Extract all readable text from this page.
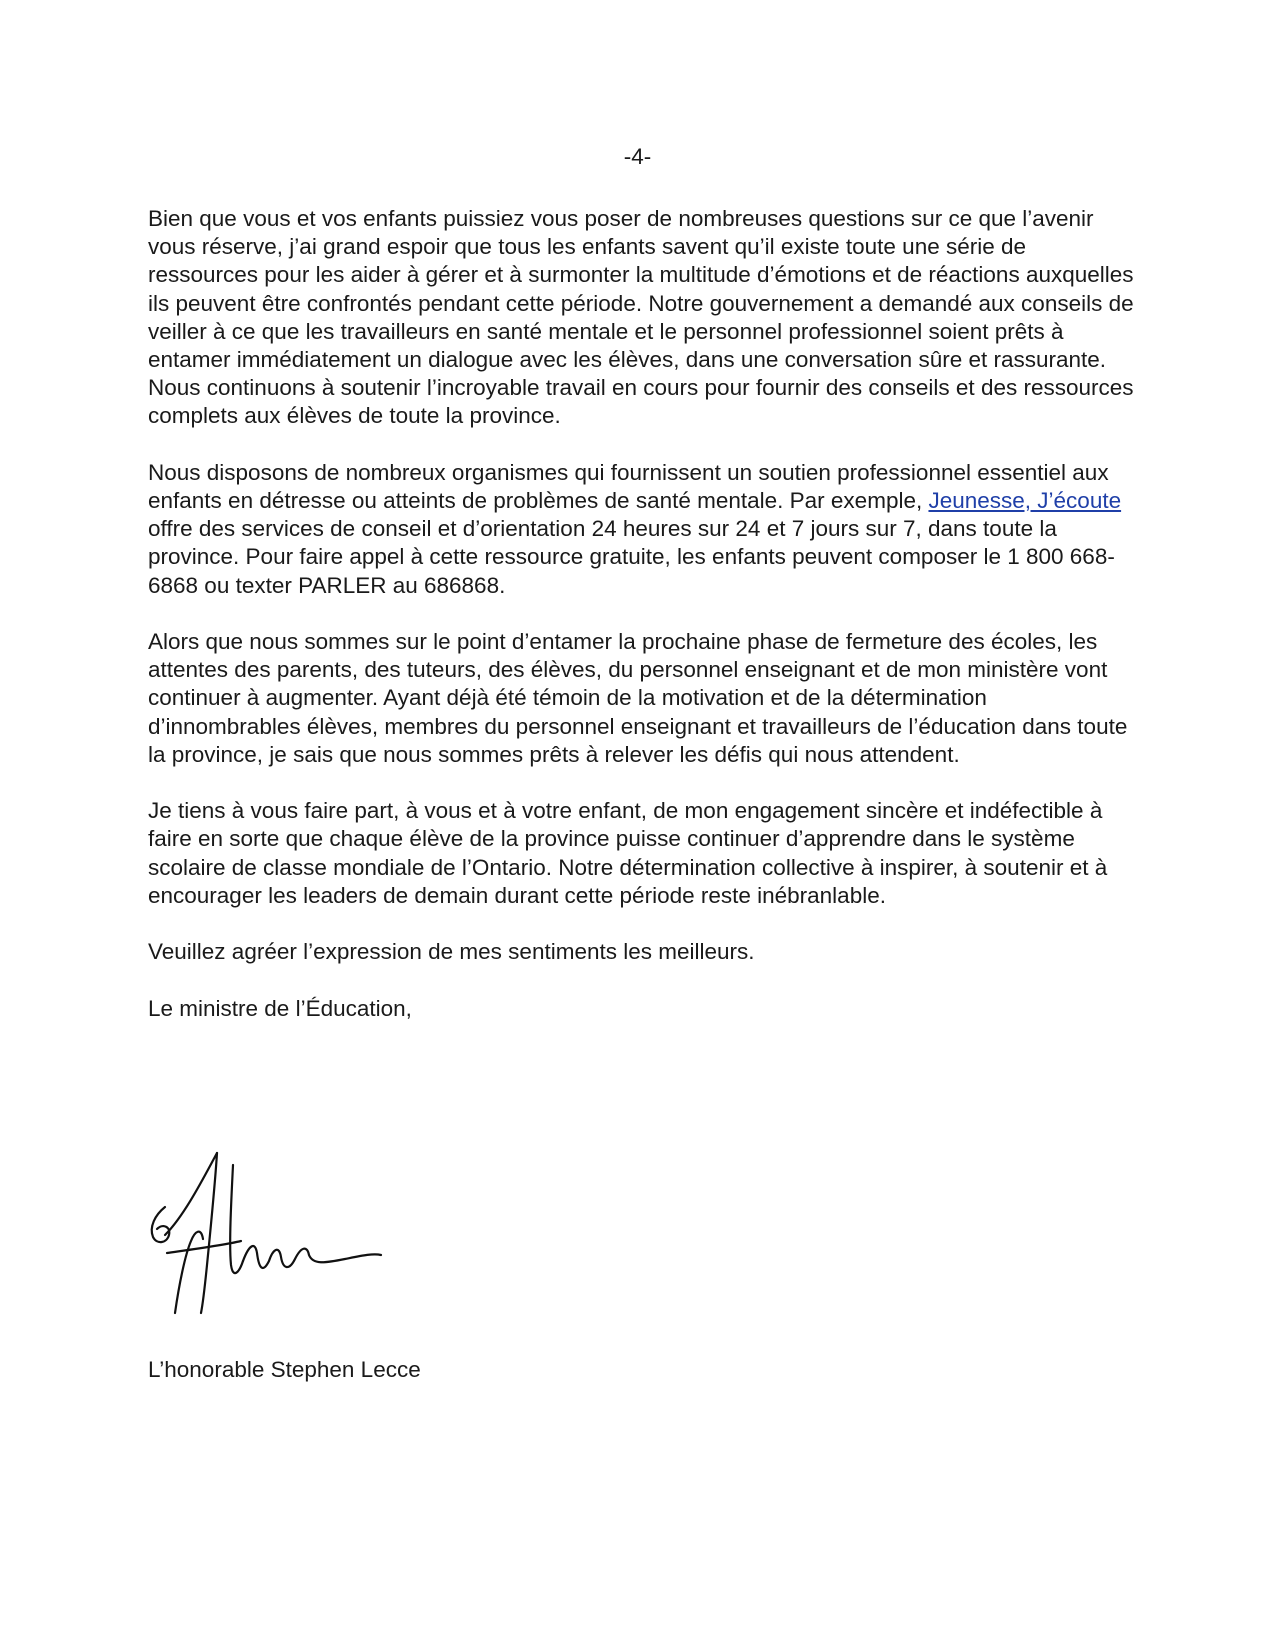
-4-

Bien que vous et vos enfants puissiez vous poser de nombreuses questions sur ce que l’avenir vous réserve, j’ai grand espoir que tous les enfants savent qu’il existe toute une série de ressources pour les aider à gérer et à surmonter la multitude d’émotions et de réactions auxquelles ils peuvent être confrontés pendant cette période. Notre gouvernement a demandé aux conseils de veiller à ce que les travailleurs en santé mentale et le personnel professionnel soient prêts à entamer immédiatement un dialogue avec les élèves, dans une conversation sûre et rassurante. Nous continuons à soutenir l’incroyable travail en cours pour fournir des conseils et des ressources complets aux élèves de toute la province.

Nous disposons de nombreux organismes qui fournissent un soutien professionnel essentiel aux enfants en détresse ou atteints de problèmes de santé mentale. Par exemple, Jeunesse, J’écoute offre des services de conseil et d’orientation 24 heures sur 24 et 7 jours sur 7, dans toute la province. Pour faire appel à cette ressource gratuite, les enfants peuvent composer le 1 800 668-6868 ou texter PARLER au 686868.

Alors que nous sommes sur le point d’entamer la prochaine phase de fermeture des écoles, les attentes des parents, des tuteurs, des élèves, du personnel enseignant et de mon ministère vont continuer à augmenter. Ayant déjà été témoin de la motivation et de la détermination d’innombrables élèves, membres du personnel enseignant et travailleurs de l’éducation dans toute la province, je sais que nous sommes prêts à relever les défis qui nous attendent.

Je tiens à vous faire part, à vous et à votre enfant, de mon engagement sincère et indéfectible à faire en sorte que chaque élève de la province puisse continuer d’apprendre dans le système scolaire de classe mondiale de l’Ontario. Notre détermination collective à inspirer, à soutenir et à encourager les leaders de demain durant cette période reste inébranlable.

Veuillez agréer l’expression de mes sentiments les meilleurs.

Le ministre de l’Éducation,

L’honorable Stephen Lecce
